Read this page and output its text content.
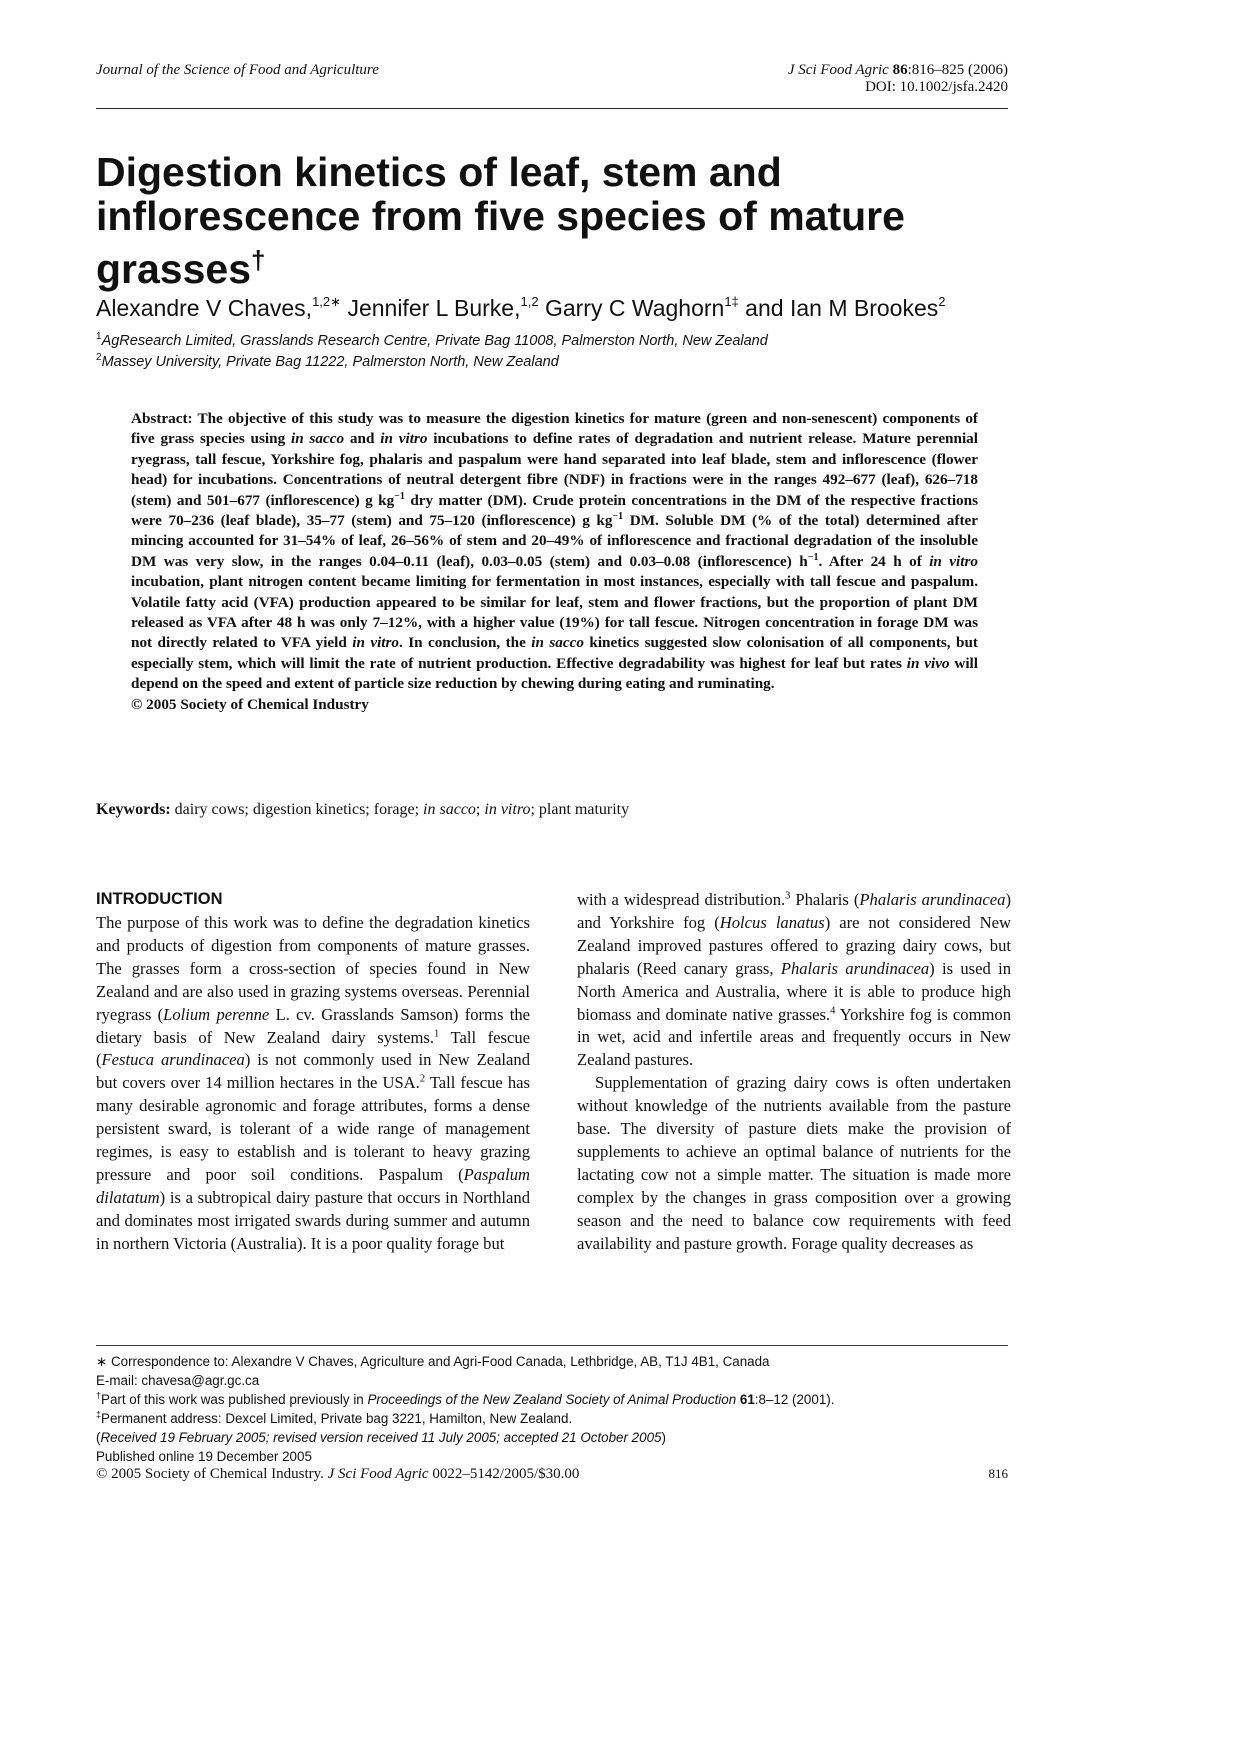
Journal of the Science of Food and Agriculture	J Sci Food Agric 86:816–825 (2006)
DOI: 10.1002/jsfa.2420
Digestion kinetics of leaf, stem and inflorescence from five species of mature grasses†
Alexandre V Chaves,$^{1,2∗}$ Jennifer L Burke,$^{1,2}$ Garry C Waghorn$^{1\ddagger}$ and Ian M Brookes$^2$
$^1$AgResearch Limited, Grasslands Research Centre, Private Bag 11008, Palmerston North, New Zealand
$^2$Massey University, Private Bag 11222, Palmerston North, New Zealand

Abstract: The objective of this study was to measure the digestion kinetics for mature (green and non-senescent) components of five grass species using in sacco and in vitro incubations to define rates of degradation and nutrient release. Mature perennial ryegrass, tall fescue, Yorkshire fog, phalaris and paspalum were hand separated into leaf blade, stem and inflorescence (flower head) for incubations. Concentrations of neutral detergent fibre (NDF) in fractions were in the ranges 492–677 (leaf), 626–718 (stem) and 501–677 (inflorescence) g $kg^{-1}$ dry matter (DM). Crude protein concentrations in the DM of the respective fractions were 70–236 (leaf blade), 35–77 (stem) and 75–120 (inflorescence) g $kg^{-1}$ DM. Soluble DM (% of the total) determined after mincing accounted for 31–54% of leaf, 26–56% of stem and 20–49% of inflorescence and fractional degradation of the insoluble DM was very slow, in the ranges 0.04–0.11 (leaf), 0.03–0.05 (stem) and 0.03–0.08 (inflorescence) $h^{-1}$. After 24 h of in vitro incubation, plant nitrogen content became limiting for fermentation in most instances, especially with tall fescue and paspalum. Volatile fatty acid (VFA) production appeared to be similar for leaf, stem and flower fractions, but the proportion of plant DM released as VFA after 48 h was only 7–12%, with a higher value (19%) for tall fescue. Nitrogen concentration in forage DM was not directly related to VFA yield in vitro. In conclusion, the in sacco kinetics suggested slow colonisation of all components, but especially stem, which will limit the rate of nutrient production. Effective degradability was highest for leaf but rates in vivo will depend on the speed and extent of particle size reduction by chewing during eating and ruminating.

© 2005 Society of Chemical Industry

Keywords: dairy cows; digestion kinetics; forage; in sacco; in vitro; plant maturity
INTRODUCTION

The purpose of this work was to define the degradation kinetics and products of digestion from components of mature grasses. The grasses form a cross-section of species found in New Zealand and are also used in grazing systems overseas. Perennial ryegrass (Lolium perenne L. cv. Grasslands Samson) forms the dietary basis of New Zealand dairy systems.$^1$ Tall fescue (Festuca arundinacea) is not commonly used in New Zealand but covers over 14 million hectares in the USA.$^2$ Tall fescue has many desirable agronomic and forage attributes, forms a dense persistent sward, is tolerant of a wide range of management regimes, is easy to establish and is tolerant to heavy grazing pressure and poor soil conditions. Paspalum (Paspalum dilatatum) is a subtropical dairy pasture that occurs in Northland and dominates most irrigated swards during summer and autumn in northern Victoria (Australia). It is a poor quality forage but

with a widespread distribution.$^3$ Phalaris (Phalaris arundinacea) and Yorkshire fog (Holcus lanatus) are not considered New Zealand improved pastures offered to grazing dairy cows, but phalaris (Reed canary grass, Phalaris arundinacea) is used in North America and Australia, where it is able to produce high biomass and dominate native grasses.$^4$ Yorkshire fog is common in wet, acid and infertile areas and frequently occurs in New Zealand pastures.

Supplementation of grazing dairy cows is often undertaken without knowledge of the nutrients available from the pasture base. The diversity of pasture diets make the provision of supplements to achieve an optimal balance of nutrients for the lactating cow not a simple matter. The situation is made more complex by the changes in grass composition over a growing season and the need to balance cow requirements with feed availability and pasture growth. Forage quality decreases as

∗ Correspondence to: Alexandre V Chaves, Agriculture and Agri-Food Canada, Lethbridge, AB, T1J 4B1, Canada

E-mail: chavesa@agr.gc.ca

†Part of this work was published previously in Proceedings of the New Zealand Society of Animal Production 61:8–12 (2001).

‡Permanent address: Dexcel Limited, Private bag 3221, Hamilton, New Zealand.

(Received 19 February 2005; revised version received 11 July 2005; accepted 21 October 2005)

Published online 19 December 2005

© 2005 Society of Chemical Industry. J Sci Food Agric 0022–5142/2005/$30.00	816
